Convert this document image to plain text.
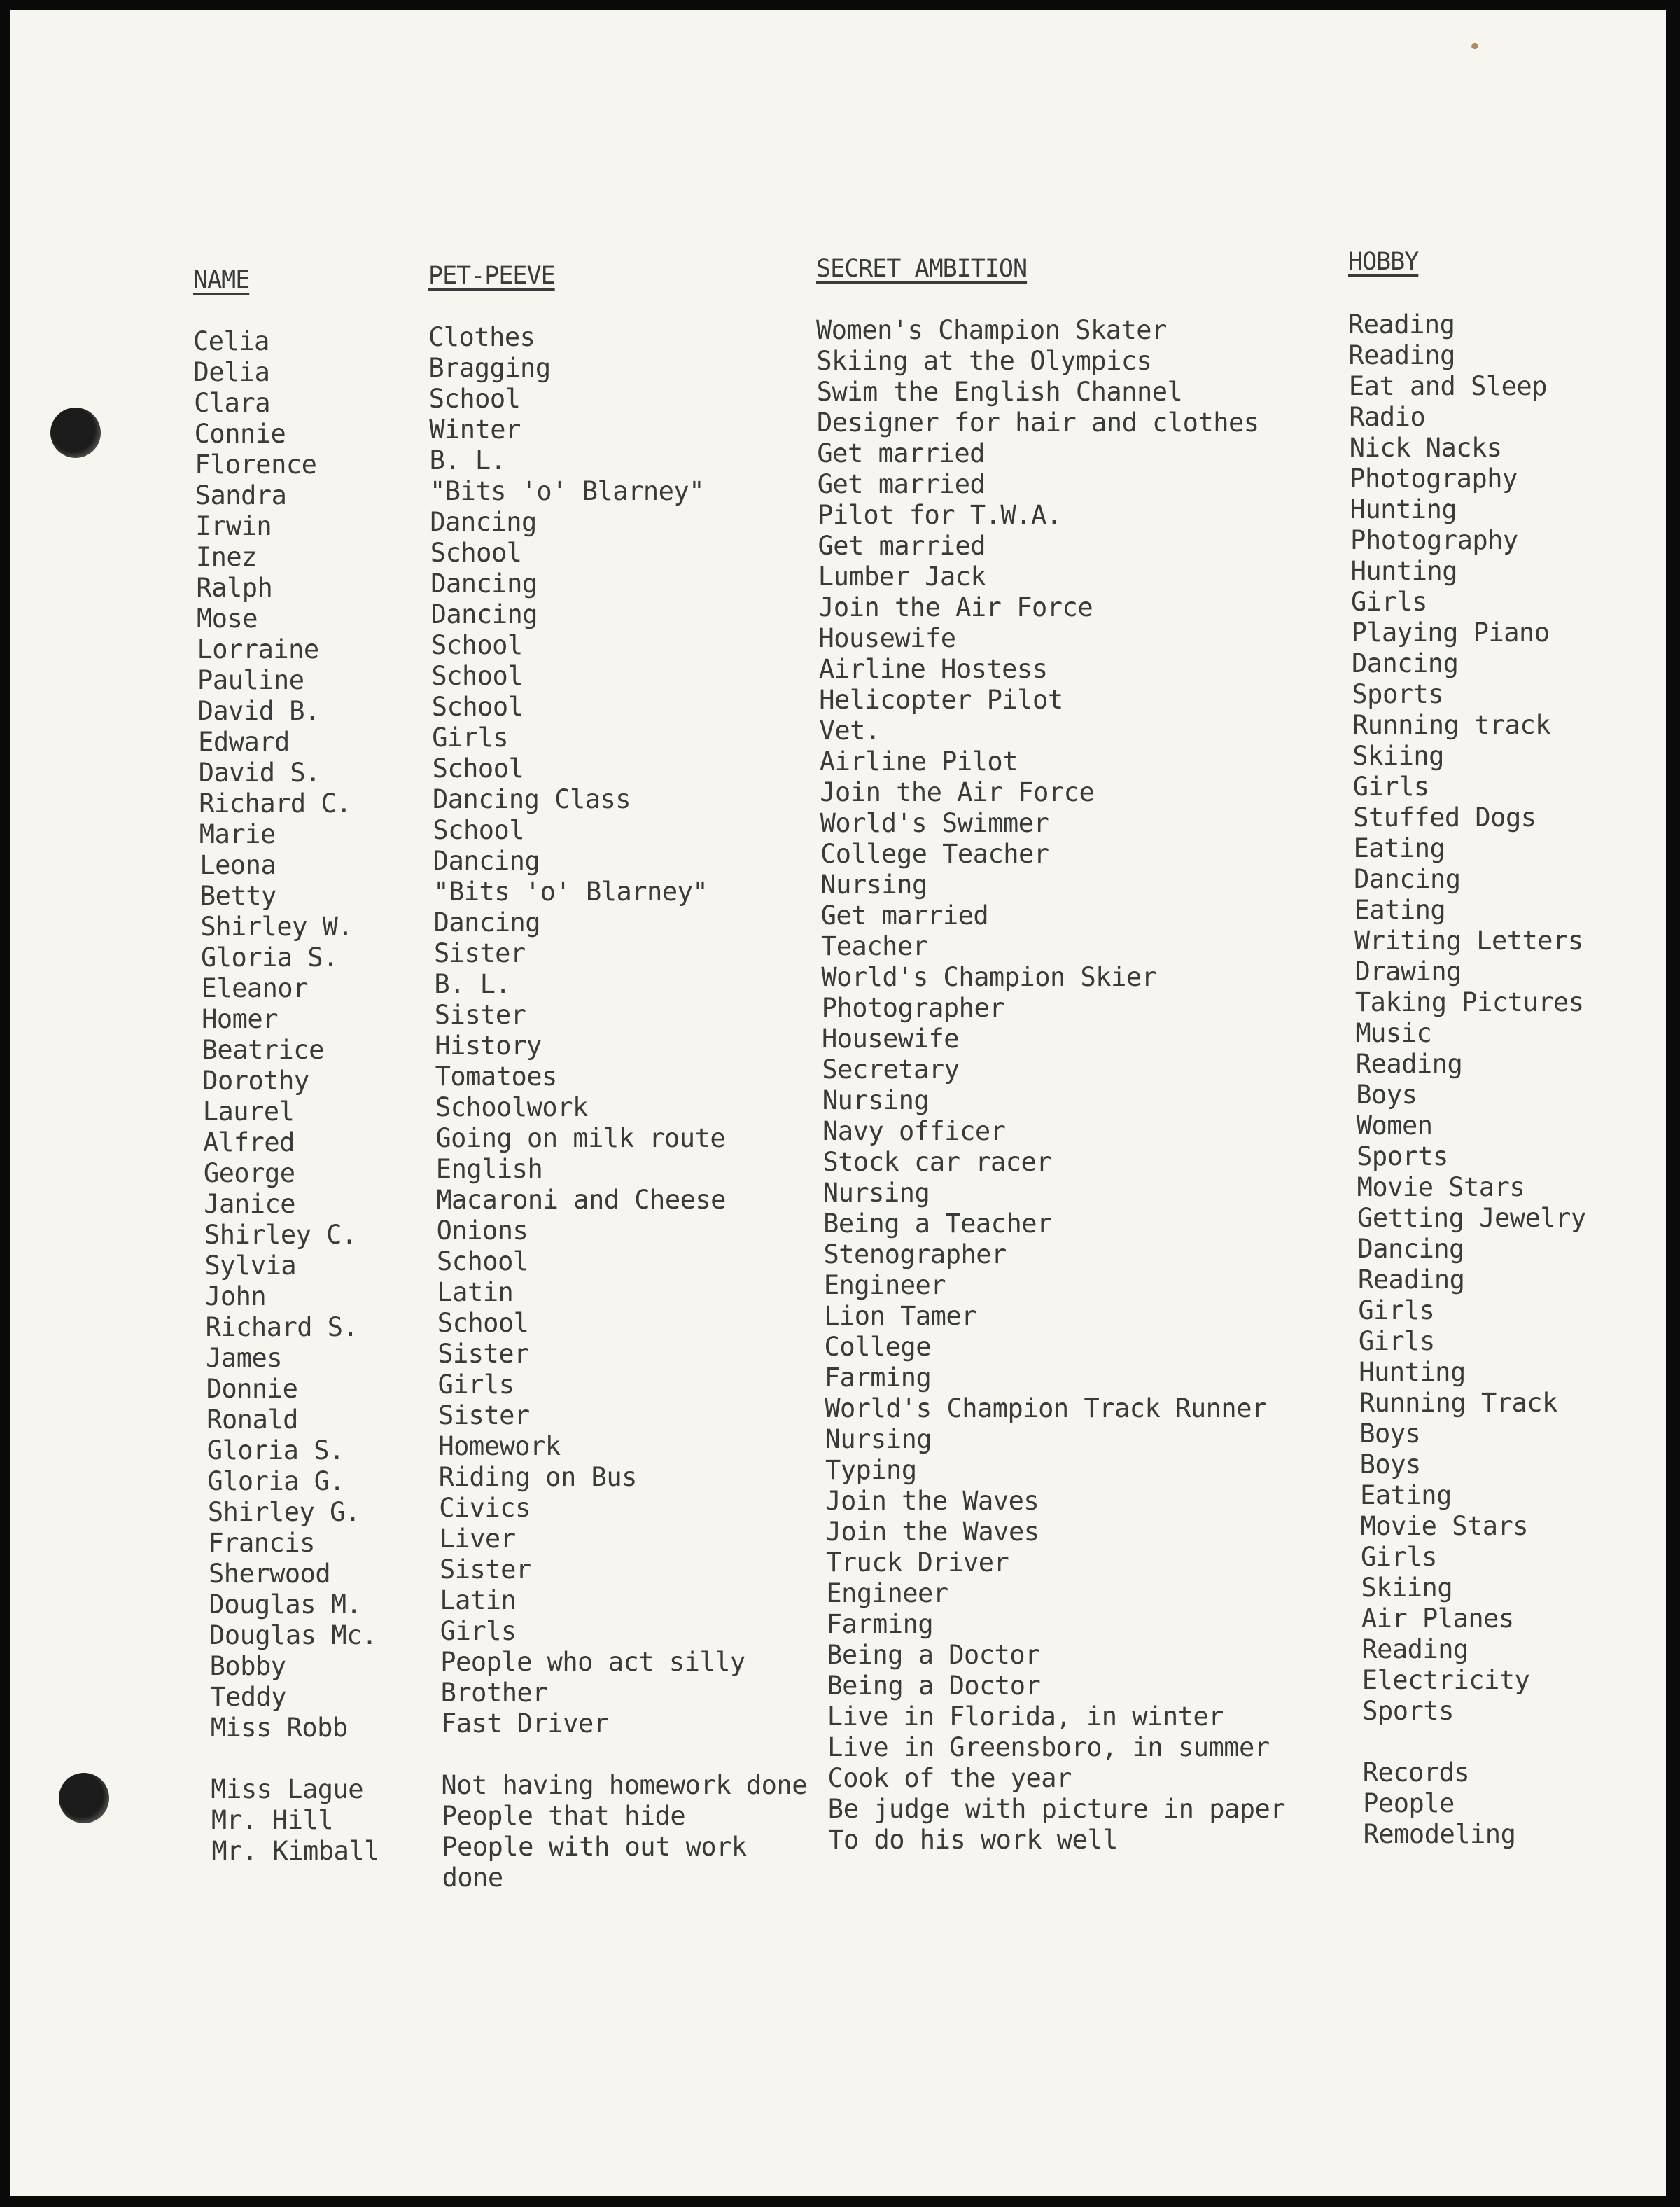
NAME
Celia
Delia
Clara
Connie
Florence
Sandra
Irwin
Inez
Ralph
Mose
Lorraine
Pauline
David B.
Edward
David S.
Richard C.
Marie
Leona
Betty
Shirley W.
Gloria S.
Eleanor
Homer
Beatrice
Dorothy
Laurel
Alfred
George
Janice
Shirley C.
Sylvia
John
Richard S.
James
Donnie
Ronald
Gloria S.
Gloria G.
Shirley G.
Francis
Sherwood
Douglas M.
Douglas Mc.
Bobby
Teddy
Miss Robb
Miss Lague
Mr. Hill
Mr. Kimball
PET-PEEVE
Clothes
Bragging
School
Winter
B. L.
"Bits 'o' Blarney"
Dancing
School
Dancing
Dancing
School
School
School
Girls
School
Dancing Class
School
Dancing
"Bits 'o' Blarney"
Dancing
Sister
B. L.
Sister
History
Tomatoes
Schoolwork
Going on milk route
English
Macaroni and Cheese
Onions
School
Latin
School
Sister
Girls
Sister
Homework
Riding on Bus
Civics
Liver
Sister
Latin
Girls
People who act silly
Brother
Fast Driver
Not having homework done
People that hide
People with out work
done
SECRET AMBITION
Women's Champion Skater
Skiing at the Olympics
Swim the English Channel
Designer for hair and clothes
Get married
Get married
Pilot for T.W.A.
Get married
Lumber Jack
Join the Air Force
Housewife
Airline Hostess
Helicopter Pilot
Vet.
Airline Pilot
Join the Air Force
World's Swimmer
College Teacher
Nursing
Get married
Teacher
World's Champion Skier
Photographer
Housewife
Secretary
Nursing
Navy officer
Stock car racer
Nursing
Being a Teacher
Stenographer
Engineer
Lion Tamer
College
Farming
World's Champion Track Runner
Nursing
Typing
Join the Waves
Join the Waves
Truck Driver
Engineer
Farming
Being a Doctor
Being a Doctor
Live in Florida, in winter
Live in Greensboro, in summer
Cook of the year
Be judge with picture in paper
To do his work well
HOBBY
Reading
Reading
Eat and Sleep
Radio
Nick Nacks
Photography
Hunting
Photography
Hunting
Girls
Playing Piano
Dancing
Sports
Running track
Skiing
Girls
Stuffed Dogs
Eating
Dancing
Eating
Writing Letters
Drawing
Taking Pictures
Music
Reading
Boys
Women
Sports
Movie Stars
Getting Jewelry
Dancing
Reading
Girls
Girls
Hunting
Running Track
Boys
Boys
Eating
Movie Stars
Girls
Skiing
Air Planes
Reading
Electricity
Sports
Records
People
Remodeling
